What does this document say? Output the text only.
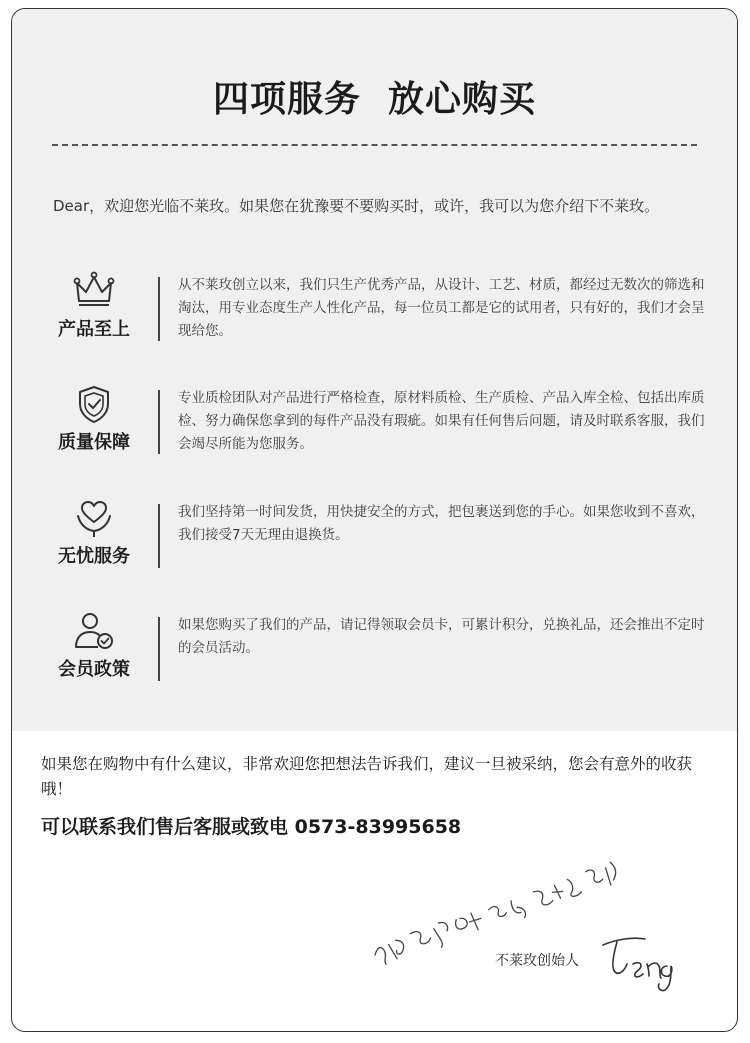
四项服务  放心购买
Dear，欢迎您光临不莱玫。如果您在犹豫要不要购买时，或许，我可以为您介绍下不莱玫。
产品至上
从不莱玫创立以来，我们只生产优秀产品，从设计、工艺、材质，都经过无数次的筛选和淘汰，用专业态度生产人性化产品，每一位员工都是它的试用者，只有好的，我们才会呈现给您。
质量保障
专业质检团队对产品进行严格检查，原材料质检、生产质检、产品入库全检、包括出库质检、努力确保您拿到的每件产品没有瑕疵。如果有任何售后问题，请及时联系客服，我们会竭尽所能为您服务。
无忧服务
我们坚持第一时间发货，用快捷安全的方式，把包裹送到您的手心。如果您收到不喜欢，我们接受7天无理由退换货。
会员政策
如果您购买了我们的产品，请记得领取会员卡，可累计积分，兑换礼品，还会推出不定时的会员活动。
如果您在购物中有什么建议，非常欢迎您把想法告诉我们，建议一旦被采纳，您会有意外的收获哦！
可以联系我们售后客服或致电 0573-83995658
不莱玫创始人
